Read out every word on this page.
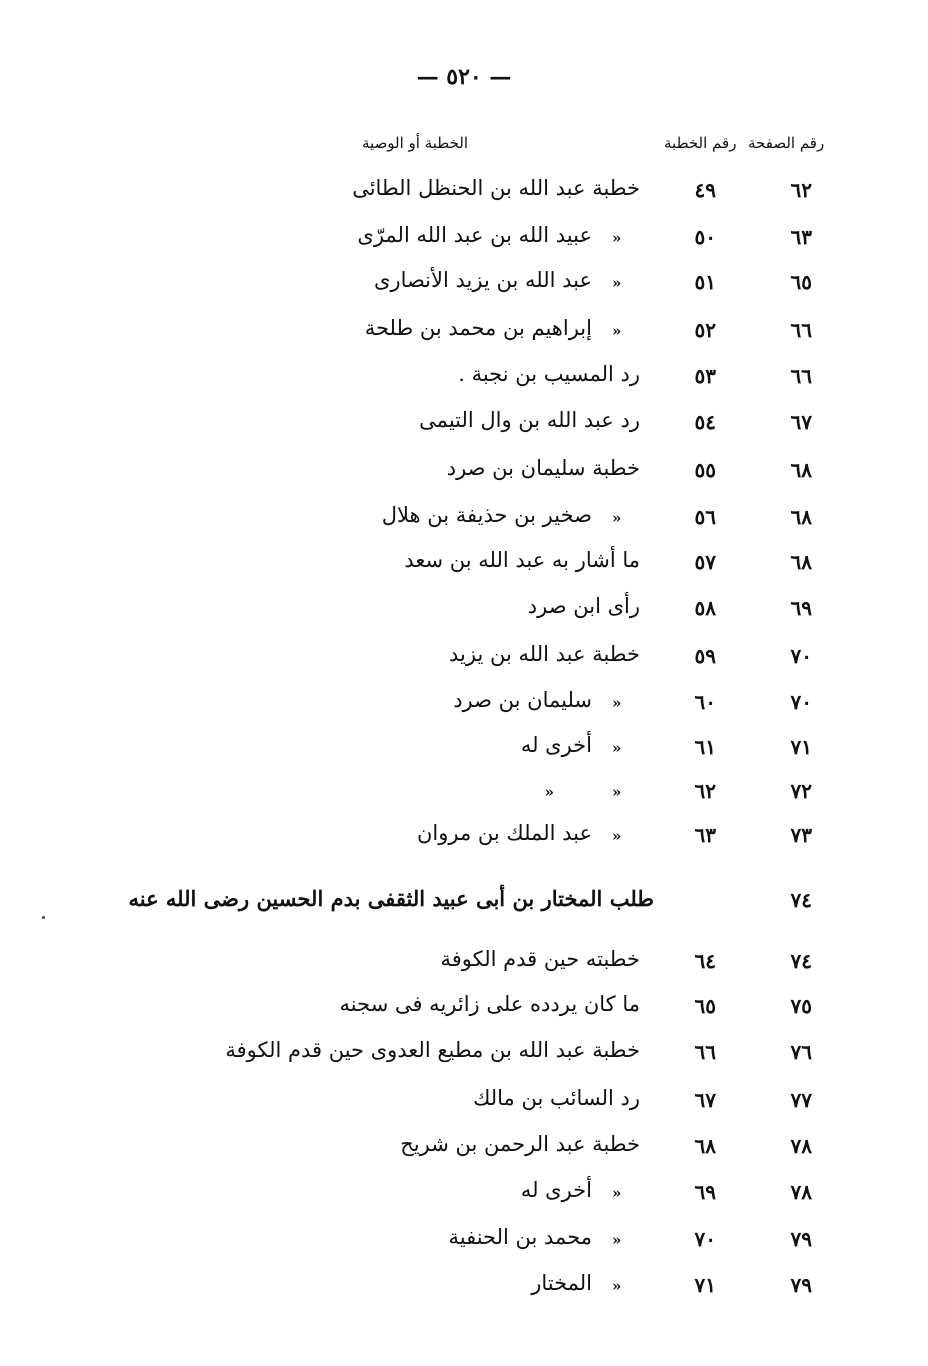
— ٥٢٠ —
رقم الصفحة
رقم الخطبة
الخطبة أو الوصية
٦٢
٤٩
خطبة عبد الله بن الحنظل الطائى
٦٣
٥٠
»
عبيد الله بن عبد الله المرّى
٦٥
٥١
»
عبد الله بن يزيد الأنصارى
٦٦
٥٢
»
إبراهيم بن محمد بن طلحة
٦٦
٥٣
رد المسيب بن نجبة .
٦٧
٥٤
رد عبد الله بن وال التيمى
٦٨
٥٥
خطبة سليمان بن صرد
٦٨
٥٦
»
صخير بن حذيفة بن هلال
٦٨
٥٧
ما أشار به عبد الله بن سعد
٦٩
٥٨
رأى ابن صرد
٧٠
٥٩
خطبة عبد الله بن يزيد
٧٠
٦٠
»
سليمان بن صرد
٧١
٦١
»
أخرى له
٧٢
٦٢
»
»
٧٣
٦٣
»
عبد الملك بن مروان
٧٤
طلب المختار بن أبى عبيد الثقفى بدم الحسين رضى الله عنه
٧٤
٦٤
خطبته حين قدم الكوفة
٧٥
٦٥
ما كان يردده على زائريه فى سجنه
٧٦
٦٦
خطبة عبد الله بن مطيع العدوى حين قدم الكوفة
٧٧
٦٧
رد السائب بن مالك
٧٨
٦٨
خطبة عبد الرحمن بن شريح
٧٨
٦٩
»
أخرى له
٧٩
٧٠
»
محمد بن الحنفية
٧٩
٧١
»
المختار
